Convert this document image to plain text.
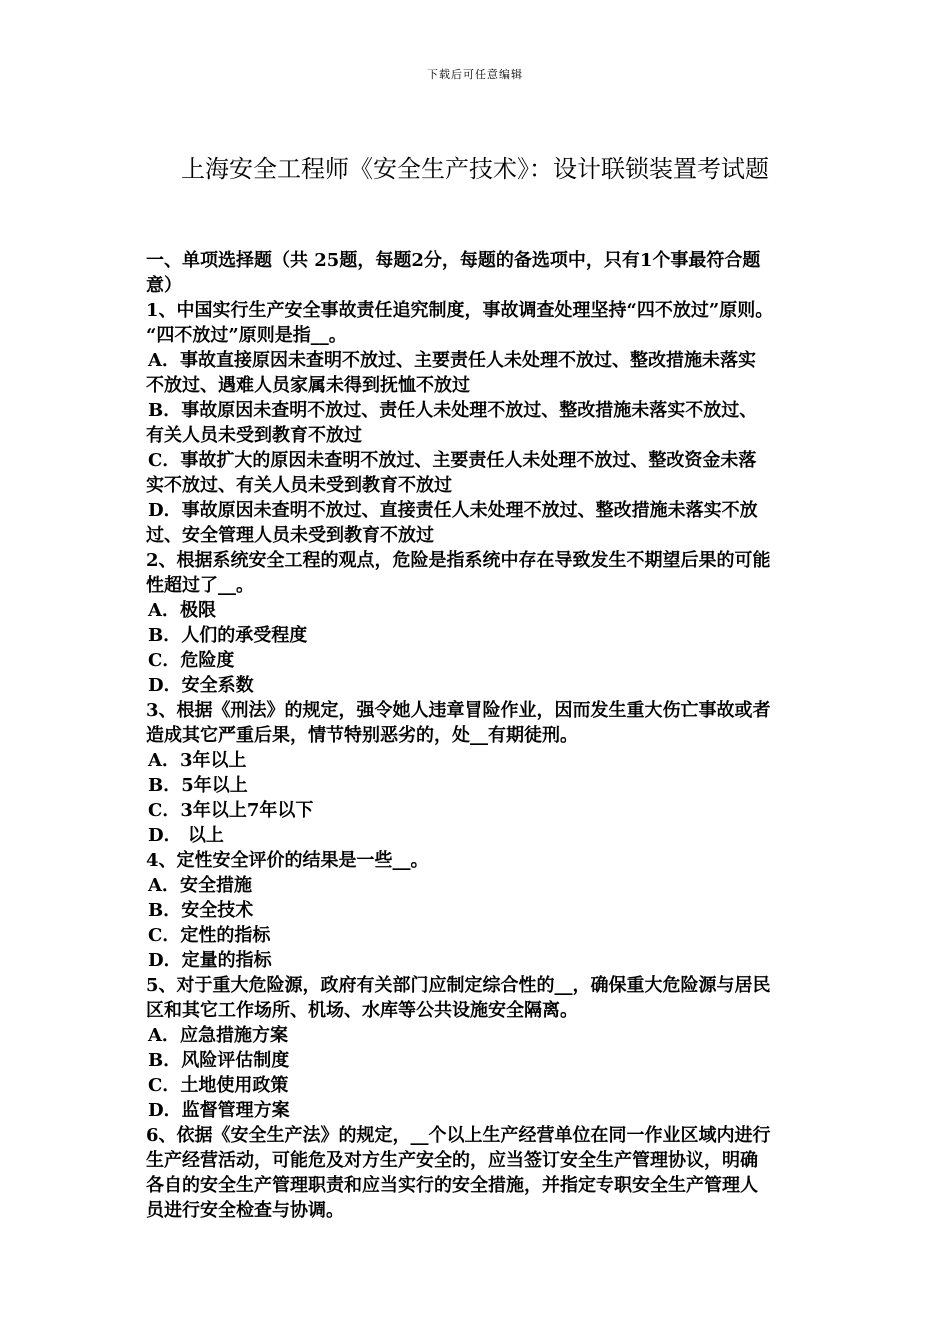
下载后可任意编辑
上海安全工程师《安全生产技术》：设计联锁装置考试题

一、单项选择题（共 25题，每题2分，每题的备选项中，只有1个事最符合题

意）

1、中国实行生产安全事故责任追究制度，事故调查处理坚持“四不放过”原则。

“四不放过”原则是指__。

A．事故直接原因未查明不放过、主要责任人未处理不放过、整改措施未落实

不放过、遇难人员家属未得到抚恤不放过

B．事故原因未查明不放过、责任人未处理不放过、整改措施未落实不放过、

有关人员未受到教育不放过

C．事故扩大的原因未查明不放过、主要责任人未处理不放过、整改资金未落

实不放过、有关人员未受到教育不放过

D．事故原因未查明不放过、直接责任人未处理不放过、整改措施未落实不放

过、安全管理人员未受到教育不放过

2、根据系统安全工程的观点，危险是指系统中存在导致发生不期望后果的可能

性超过了__。

A．极限

B．人们的承受程度

C．危险度

D．安全系数

3、根据《刑法》的规定，强令她人违章冒险作业，因而发生重大伤亡事故或者

造成其它严重后果，情节特别恶劣的，处__有期徒刑。

A．3年以上

B．5年以上

C．3年以上7年以下

D． 以上

4、定性安全评价的结果是一些__。

A．安全措施

B．安全技术

C．定性的指标

D．定量的指标

5、对于重大危险源，政府有关部门应制定综合性的__，确保重大危险源与居民

区和其它工作场所、机场、水库等公共设施安全隔离。

A．应急措施方案

B．风险评估制度

C．土地使用政策

D．监督管理方案

6、依据《安全生产法》的规定，__个以上生产经营单位在同一作业区域内进行

生产经营活动，可能危及对方生产安全的，应当签订安全生产管理协议，明确

各自的安全生产管理职责和应当实行的安全措施，并指定专职安全生产管理人

员进行安全检查与协调。
